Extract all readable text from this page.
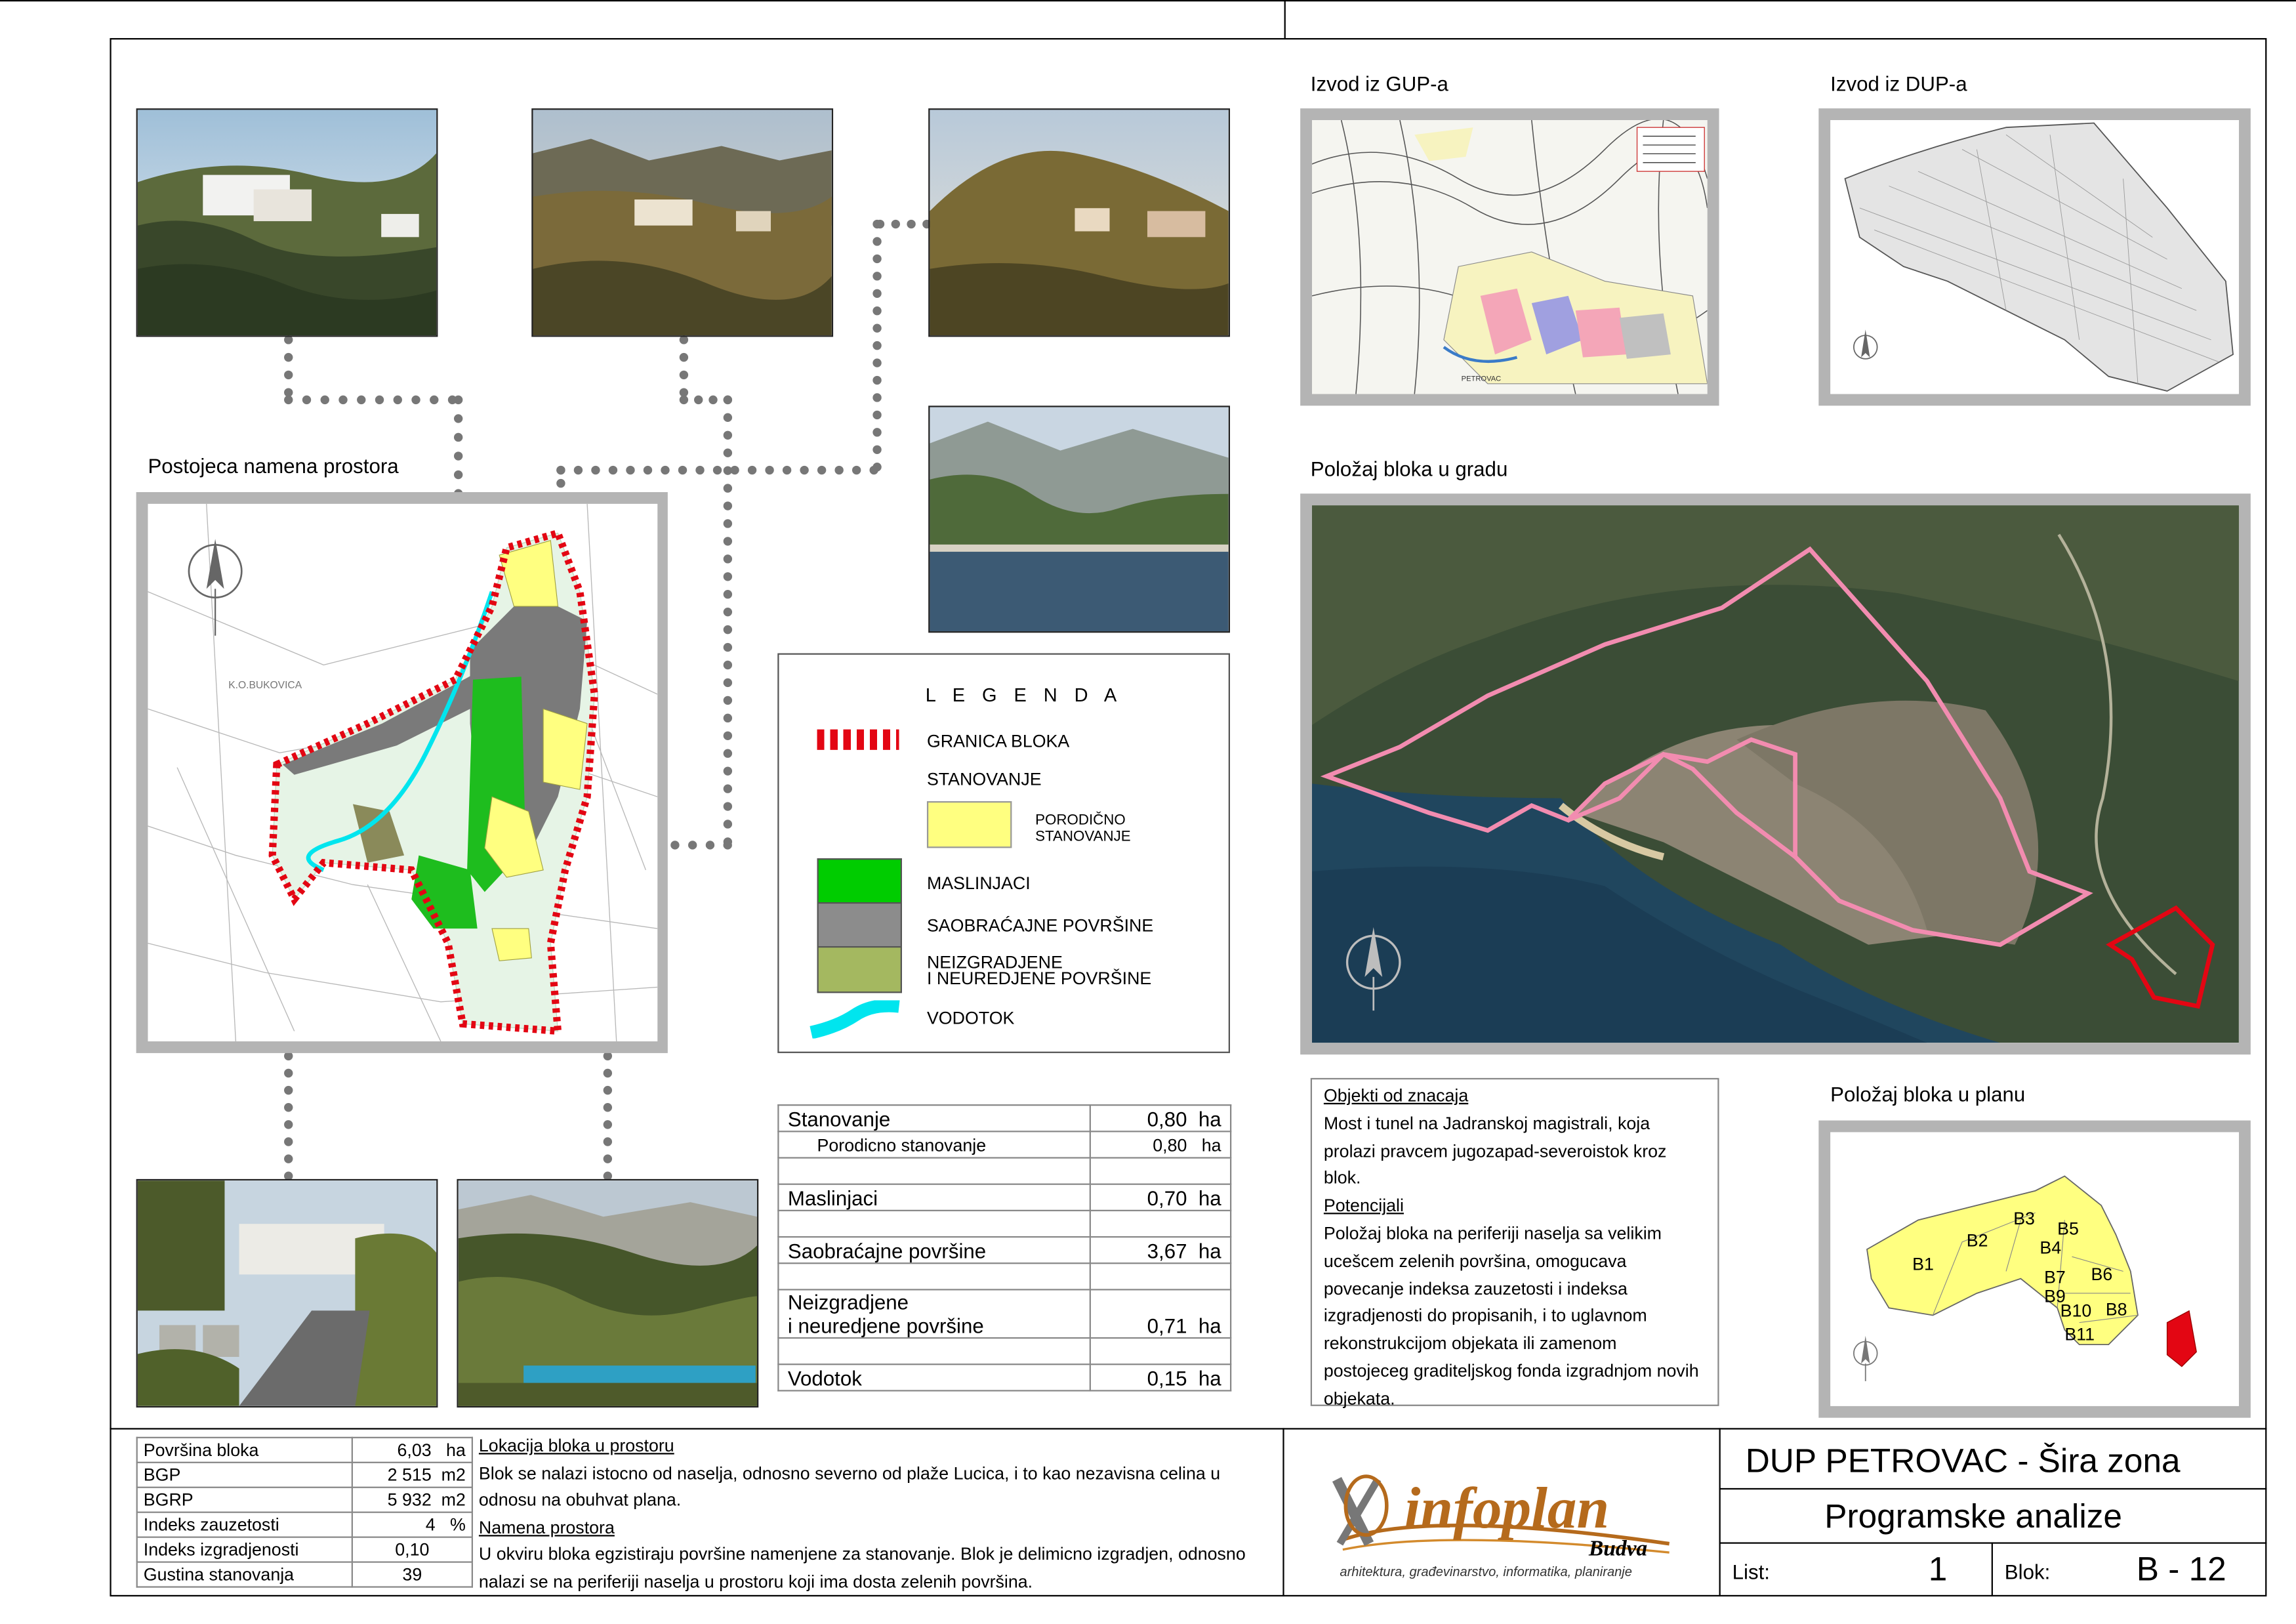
Postojeca namena prostora
K.O.BUKOVICA
Izvod iz GUP-a
PETROVAC
Izvod iz DUP-a
Položaj bloka u gradu
L E G E N D A
GRANICA BLOKA
STANOVANJE
PORODIČNO
STANOVANJE
MASLINJACI
SAOBRAĆAJNE POVRŠINE
NEIZGRADJENE
I NEUREDJENE POVRŠINE
VODOTOK
Stanovanje	0,80 ha
Porodicno stanovanje	0,80 ha

Maslinjaci	0,70 ha

Saobraćajne površine	3,67 ha

Neizgradjene
i neuredjene površine	0,71 ha

Vodotok	0,15 ha
Objekti od znacaja
Most i tunel na Jadranskoj magistrali, koja prolazi pravcem jugozapad-severoistok kroz blok.
Potencijali
Položaj bloka na periferiji naselja sa velikim ucešcem zelenih površina, omogucava povecanje indeksa zauzetosti i indeksa izgradjenosti do propisanih, i to uglavnom rekonstrukcijom objekata ili zamenom postojeceg graditeljskog fonda izgradnjom novih objekata.
Položaj bloka u planu
B1
B2
B3
B4
B5
B6
B7
B8
B9
B10
B11
Površina bloka	6,03 ha
BGP	2 515 m2
BGRP	5 932 m2
Indeks zauzetosti	4 %
Indeks izgradjenosti	0,10
Gustina stanovanja	39
Lokacija bloka u prostoru
Blok se nalazi istocno od naselja, odnosno severno od plaže Lucica, i to kao nezavisna celina u odnosu na obuhvat plana.
Namena prostora
U okviru bloka egzistiraju površine namenjene za stanovanje. Blok je delimicno izgradjen, odnosno nalazi se na periferiji naselja u prostoru koji ima dosta zelenih površina.
infoplan
Budva
arhitektura, građevinarstvo, informatika, planiranje
DUP PETROVAC - Šira zona
Programske analize
List:	1	Blok:	B - 12
